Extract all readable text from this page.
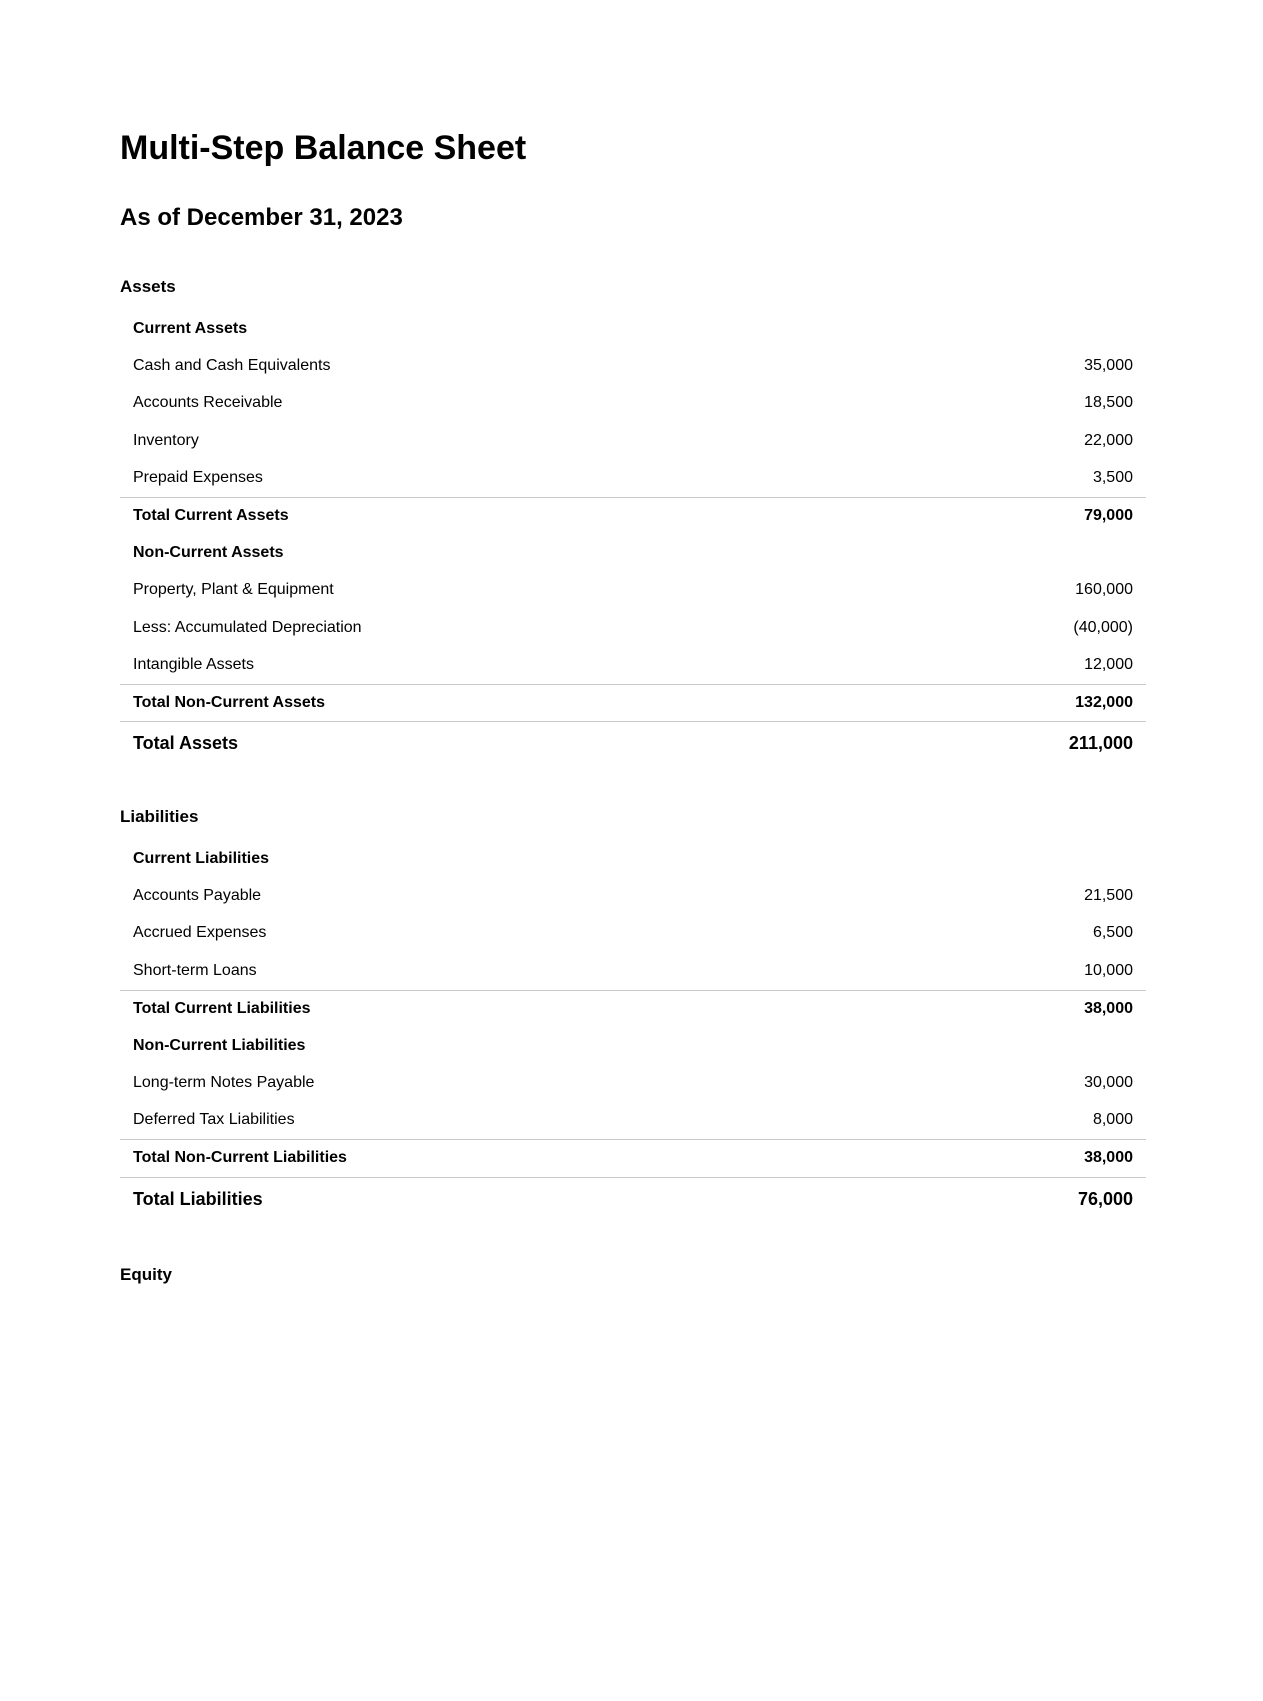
Multi-Step Balance Sheet
As of December 31, 2023
Assets
Current Assets
Cash and Cash Equivalents	35,000
Accounts Receivable	18,500
Inventory	22,000
Prepaid Expenses	3,500
Total Current Assets	79,000
Non-Current Assets
Property, Plant & Equipment	160,000
Less: Accumulated Depreciation	(40,000)
Intangible Assets	12,000
Total Non-Current Assets	132,000
Total Assets	211,000
Liabilities
Current Liabilities
Accounts Payable	21,500
Accrued Expenses	6,500
Short-term Loans	10,000
Total Current Liabilities	38,000
Non-Current Liabilities
Long-term Notes Payable	30,000
Deferred Tax Liabilities	8,000
Total Non-Current Liabilities	38,000
Total Liabilities	76,000
Equity
